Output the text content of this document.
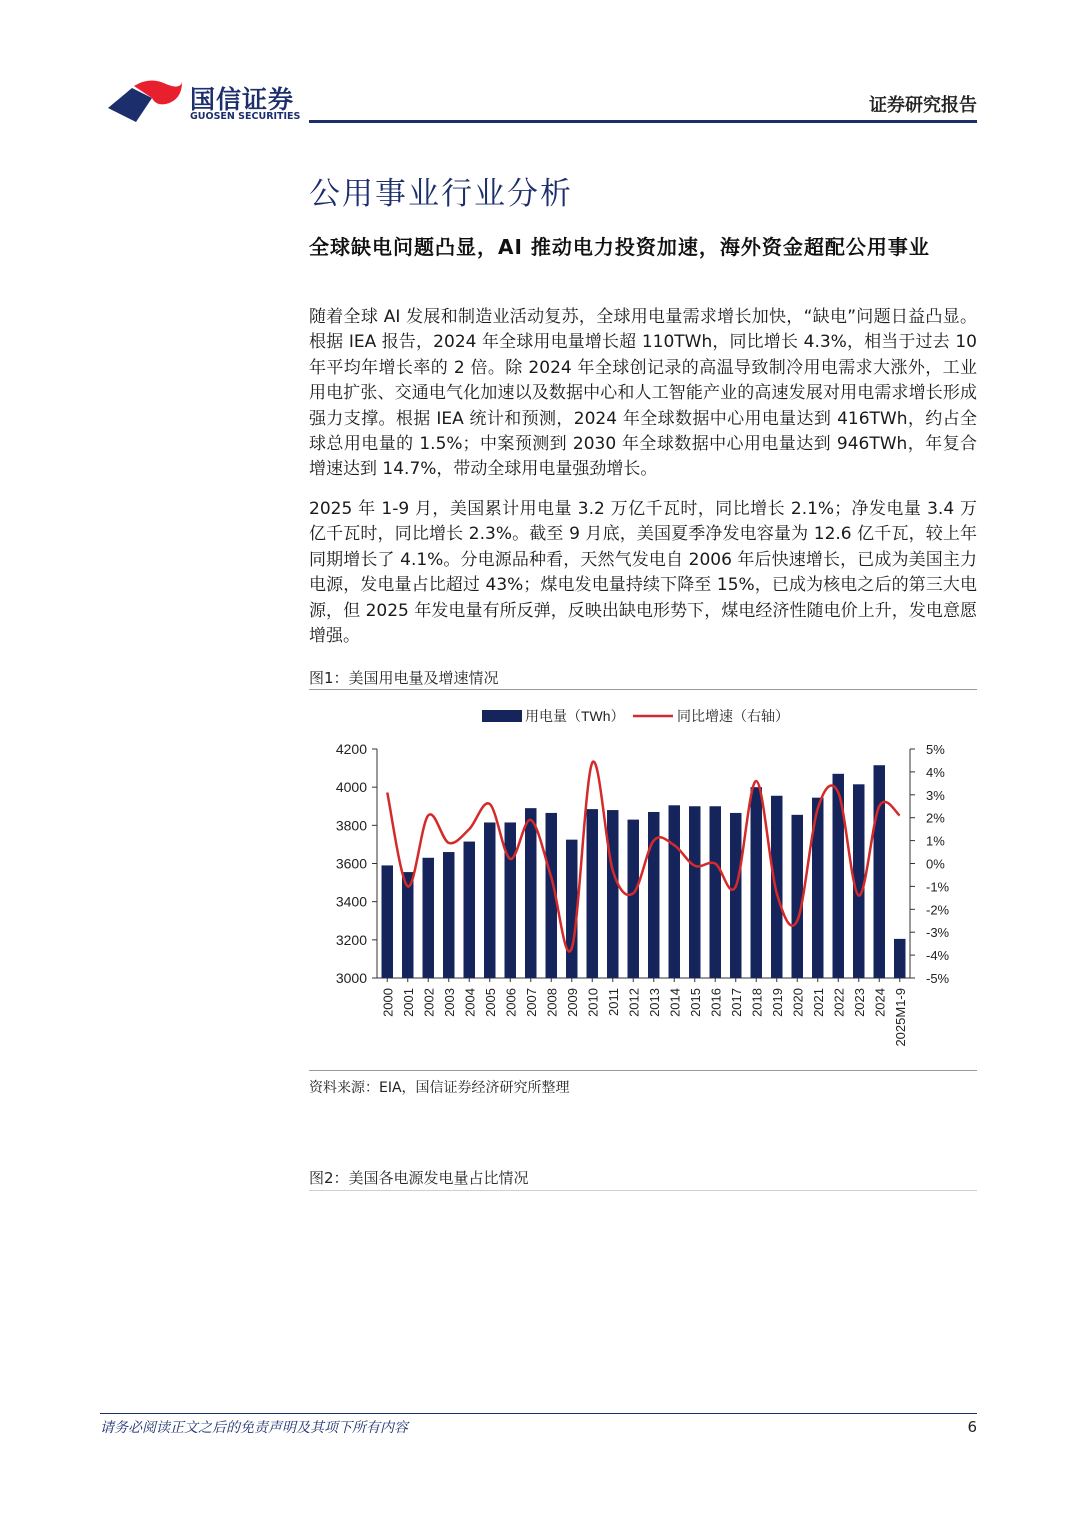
国信证券
GUOSEN SECURITIES
证券研究报告
公用事业行业分析
全球缺电问题凸显，AI 推动电力投资加速，海外资金超配公用事业

随着全球 AI 发展和制造业活动复苏，全球用电量需求增长加快，“缺电”问题日益凸显。根据 IEA 报告，2024 年全球用电量增长超 110TWh，同比增长 4.3%，相当于过去 10 年平均年增长率的 2 倍。除 2024 年全球创记录的高温导致制冷用电需求大涨外，工业用电扩张、交通电气化加速以及数据中心和人工智能产业的高速发展对用电需求增长形成强力支撑。根据 IEA 统计和预测，2024 年全球数据中心用电量达到 416TWh，约占全球总用电量的 1.5%；中案预测到 2030 年全球数据中心用电量达到 946TWh，年复合增速达到 14.7%，带动全球用电量强劲增长。

2025 年 1-9 月，美国累计用电量 3.2 万亿千瓦时，同比增长 2.1%；净发电量 3.4 万亿千瓦时，同比增长 2.3%。截至 9 月底，美国夏季净发电容量为 12.6 亿千瓦，较上年同期增长了 4.1%。分电源品种看，天然气发电自 2006 年后快速增长，已成为美国主力电源，发电量占比超过 43%；煤电发电量持续下降至 15%，已成为核电之后的第三大电源，但 2025 年发电量有所反弹，反映出缺电形势下，煤电经济性随电价上升，发电意愿增强。

图1：美国用电量及增速情况
用电量（TWh）	同比增速（右轴）
3000
3200
3400
3600
3800
4000
4200
-5%
-4%
-3%
-2%
-1%
0%
1%
2%
3%
4%
5%
2000 2001 2002 2003 2004 2005 2006 2007 2008 2009 2010 2011 2012 2013 2014 2015 2016 2017 2018 2019 2020 2021 2022 2023 2024 2025M1-9
资料来源：EIA，国信证券经济研究所整理
图2：美国各电源发电量占比情况
请务必阅读正文之后的免责声明及其项下所有内容	6
